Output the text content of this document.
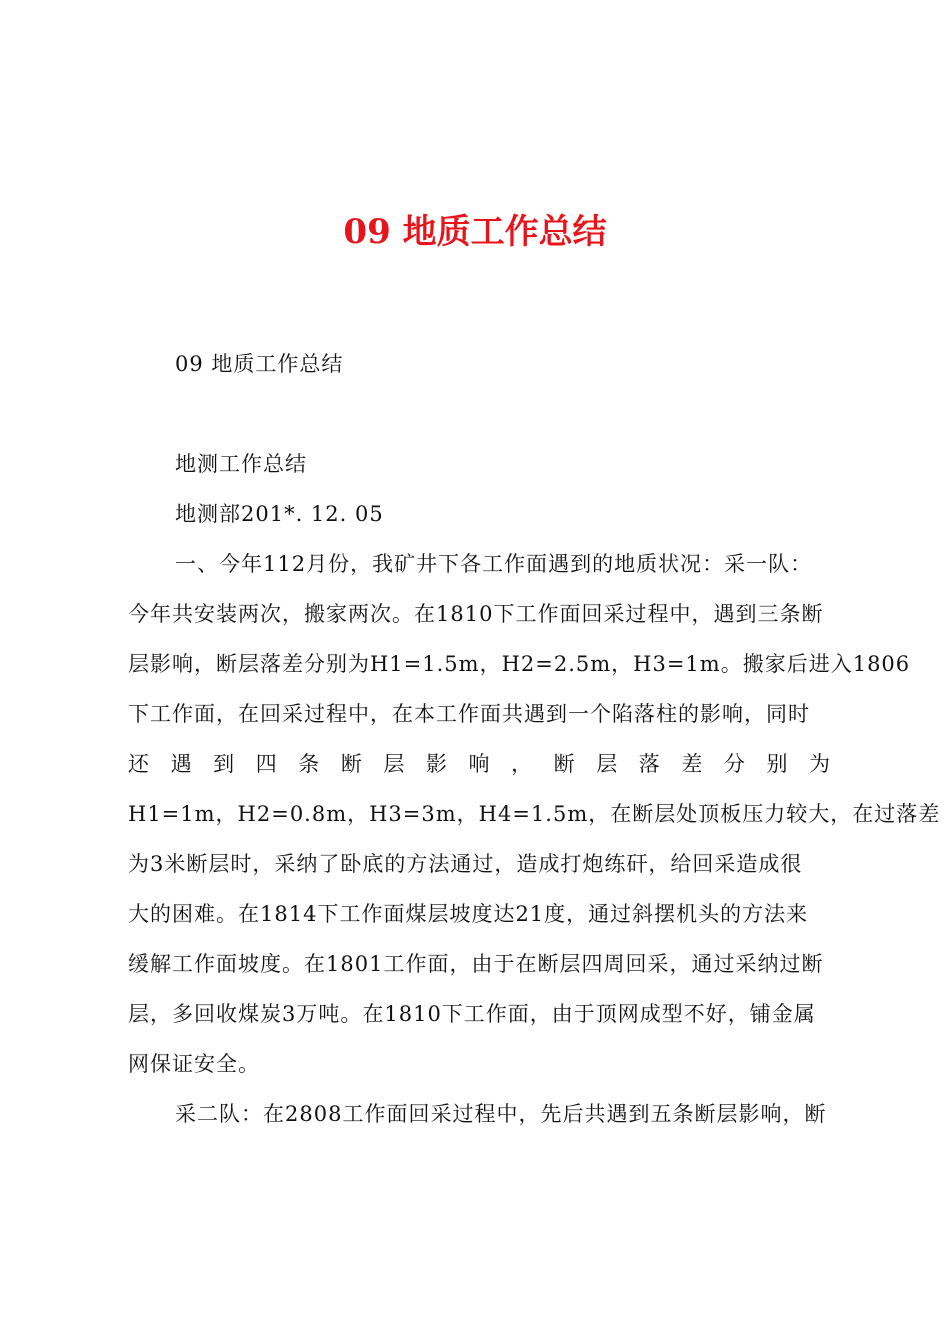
09 地质工作总结
09 地质工作总结
地测工作总结
地测部201*. 12. 05
一、今年112月份，我矿井下各工作面遇到的地质状况：采一队：
今年共安装两次，搬家两次。在1810下工作面回采过程中，遇到三条断
层影响，断层落差分别为H1=1.5m，H2=2.5m，H3=1m。搬家后进入1806
下工作面，在回采过程中，在本工作面共遇到一个陷落柱的影响，同时
还 遇 到 四 条 断 层 影 响 ， 断 层 落 差 分 别 为
H1=1m，H2=0.8m，H3=3m，H4=1.5m，在断层处顶板压力较大，在过落差
为3米断层时，采纳了卧底的方法通过，造成打炮练矸，给回采造成很
大的困难。在1814下工作面煤层坡度达21度，通过斜摆机头的方法来
缓解工作面坡度。在1801工作面，由于在断层四周回采，通过采纳过断
层，多回收煤炭3万吨。在1810下工作面，由于顶网成型不好，铺金属
网保证安全。
采二队：在2808工作面回采过程中，先后共遇到五条断层影响，断
